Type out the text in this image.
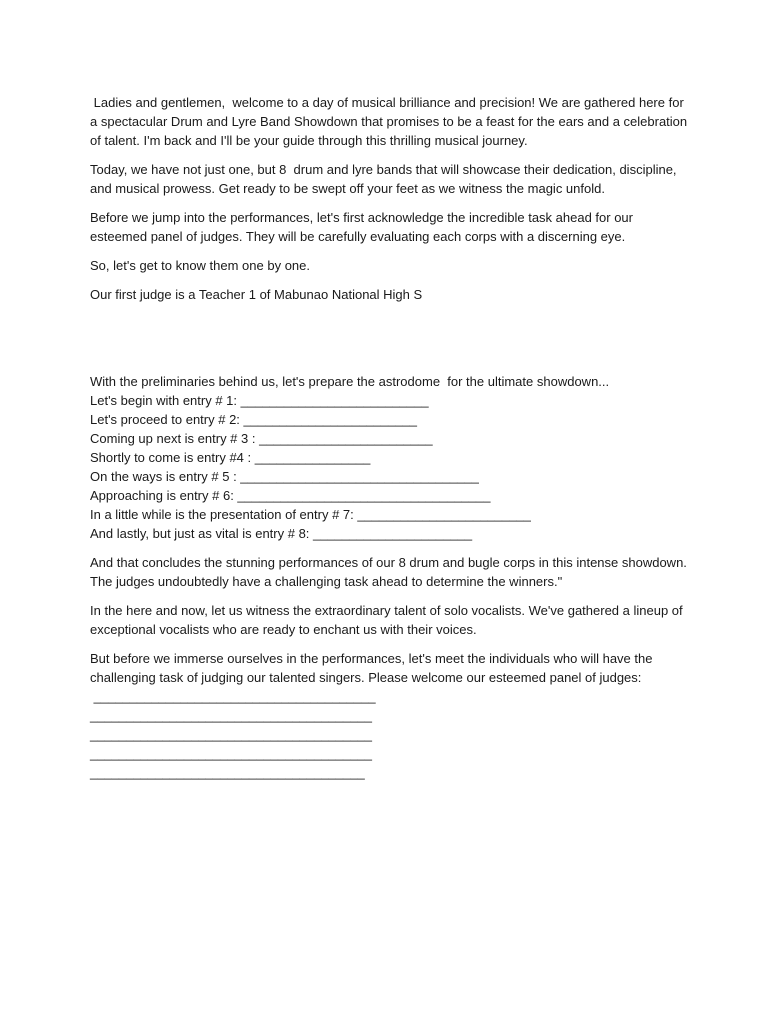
Ladies and gentlemen,  welcome to a day of musical brilliance and precision! We are gathered here for a spectacular Drum and Lyre Band Showdown that promises to be a feast for the ears and a celebration of talent. I'm back and I'll be your guide through this thrilling musical journey.

Today, we have not just one, but 8  drum and lyre bands that will showcase their dedication, discipline, and musical prowess. Get ready to be swept off your feet as we witness the magic unfold.

Before we jump into the performances, let's first acknowledge the incredible task ahead for our esteemed panel of judges. They will be carefully evaluating each corps with a discerning eye.

So, let's get to know them one by one.

Our first judge is a Teacher 1 of Mabunao National High S

With the preliminaries behind us, let's prepare the astrodome  for the ultimate showdown...

Let's begin with entry # 1: __________________________

Let's proceed to entry # 2: ________________________

Coming up next is entry # 3 : ________________________

Shortly to come is entry #4 : ________________

On the ways is entry # 5 : _________________________________

Approaching is entry # 6: ___________________________________

In a little while is the presentation of entry # 7: ________________________

And lastly, but just as vital is entry # 8: ______________________

And that concludes the stunning performances of our 8 drum and bugle corps in this intense showdown. The judges undoubtedly have a challenging task ahead to determine the winners."

In the here and now, let us witness the extraordinary talent of solo vocalists. We've gathered a lineup of exceptional vocalists who are ready to enchant us with their voices.

But before we immerse ourselves in the performances, let's meet the individuals who will have the challenging task of judging our talented singers. Please welcome our esteemed panel of judges:

_______________________________________

_______________________________________

_______________________________________

_______________________________________

______________________________________
